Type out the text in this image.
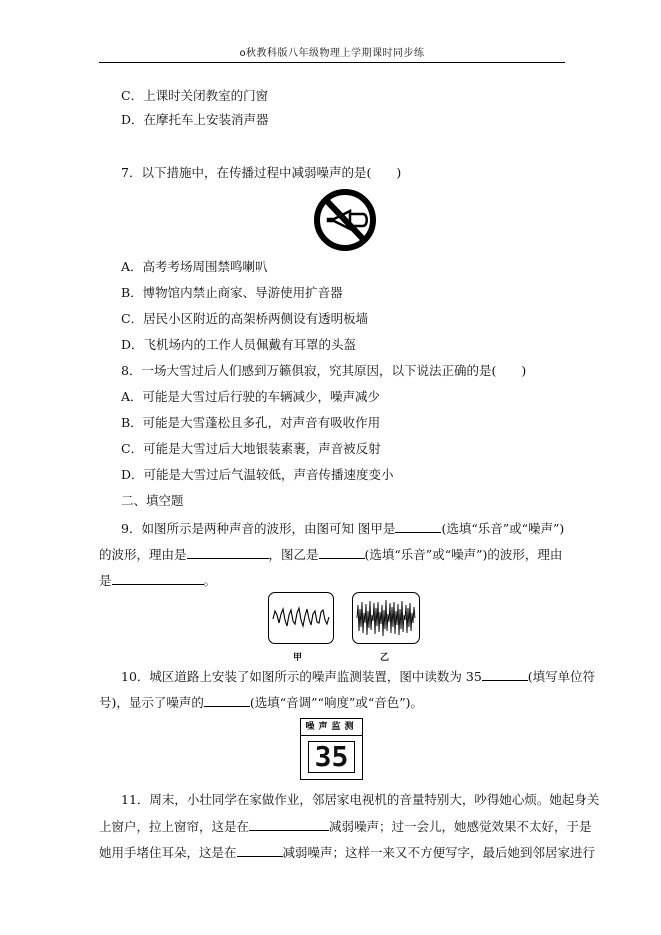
o秋教科版八年级物理上学期课时同步练
C．上课时关闭教室的门窗
D．在摩托车上安装消声器
7．以下措施中，在传播过程中减弱噪声的是(　　)
A．高考考场周围禁鸣喇叭
B．博物馆内禁止商家、导游使用扩音器
C．居民小区附近的高架桥两侧设有透明板墙
D．飞机场内的工作人员佩戴有耳罩的头盔
8．一场大雪过后人们感到万籁俱寂，究其原因，以下说法正确的是(　　)
A．可能是大雪过后行驶的车辆减少，噪声减少
B．可能是大雪蓬松且多孔，对声音有吸收作用
C．可能是大雪过后大地银装素裹，声音被反射
D．可能是大雪过后气温较低，声音传播速度变小
二、填空题
9．如图所示是两种声音的波形，由图可知 图甲是	(选填“乐音”或“噪声”)
的波形，理由是	，图乙是	(选填“乐音”或“噪声”)的波形，理由
是	。
甲	乙
10．城区道路上安装了如图所示的噪声监测装置，图中读数为 35	(填写单位符
号)，显示了噪声的	(选填“音调”“响度”或“音色”)。
噪声监测
35
11．周末，小壮同学在家做作业，邻居家电视机的音量特别大，吵得她心烦。她起身关
上窗户，拉上窗帘，这是在	减弱噪声；过一会儿，她感觉效果不太好，于是
她用手堵住耳朵，这是在	减弱噪声；这样一来又不方便写字，最后她到邻居家进行
